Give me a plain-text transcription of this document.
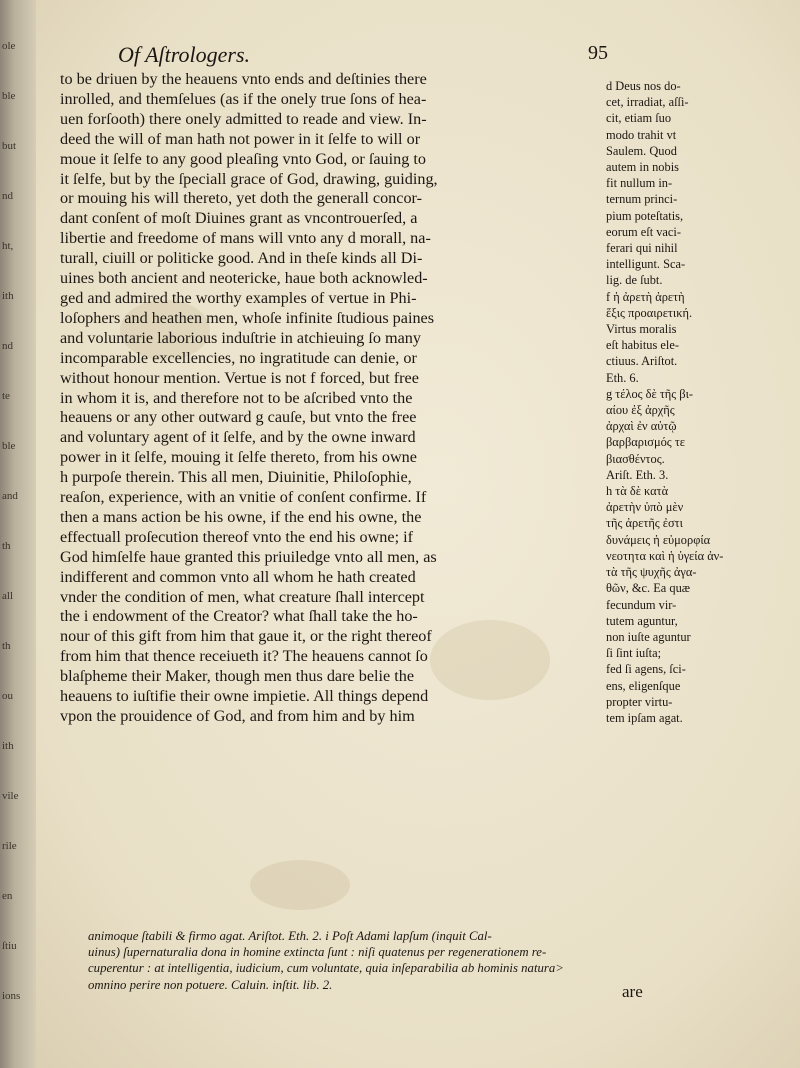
ole
ble
but
nd
ht,
ith
nd
te
ble
and
th
all
th
ou
ith
vile
rile
en
ſtiu
ions
Of Aſtrologers.	95
to be driuen by the heauens vnto ends and deſtinies there
inrolled, and themſelues (as if the onely true ſons of hea-
uen forſooth) there onely admitted to reade and view. In-
deed the will of man hath not power in it ſelfe to will or
moue it ſelfe to any good pleaſing vnto God, or ſauing to
it ſelfe, but by the ſpeciall grace of God, drawing, guiding,
or mouing his will thereto, yet doth the generall concor-
dant conſent of moſt Diuines grant as vncontrouerſed, a
libertie and freedome of mans will vnto any d morall, na-
turall, ciuill or politicke good. And in theſe kinds all Di-
uines both ancient and neotericke, haue both acknowled-
ged and admired the worthy examples of vertue in Phi-
loſophers and heathen men, whoſe infinite ſtudious paines
and voluntarie laborious induſtrie in atchieuing ſo many
incomparable excellencies, no ingratitude can denie, or
without honour mention. Vertue is not f forced, but free
in whom it is, and therefore not to be aſcribed vnto the
heauens or any other outward g cauſe, but vnto the free
and voluntary agent of it ſelfe, and by the owne inward
power in it ſelfe, mouing it ſelfe thereto, from his owne
h purpoſe therein. This all men, Diuinitie, Philoſophie,
reaſon, experience, with an vnitie of conſent confirme. If
then a mans action be his owne, if the end his owne, the
effectuall proſecution thereof vnto the end his owne; if
God himſelfe haue granted this priuiledge vnto all men, as
indifferent and common vnto all whom he hath created
vnder the condition of men, what creature ſhall intercept
the i endowment of the Creator? what ſhall take the ho-
nour of this gift from him that gaue it, or the right thereof
from him that thence receiueth it? The heauens cannot ſo
blaſpheme their Maker, though men thus dare beliе the
heauens to iuſtifie their owne impietie. All things depend
vpon the prouidence of God, and from him and by him
d Deus nos do-
cet, irradiat, aſſi-
cit, etiam ſuo
modo trahit vt
Saulem. Quod
autem in nobis
fit nullum in-
ternum princi-
pium poteſtatis,
eorum eſt vaci-
ferari qui nihil
intelligunt. Sca-
lig. de ſubt.
f ἡ ἀρετὴ ἀρετὴ
ἕξις προαιρετική.
Virtus moralis
eſt habitus ele-
ctiuus. Ariſtot.
Eth. 6.
g τέλος δὲ τῆς βι-
αίου ἐξ ἀρχῆς
ἀρχαὶ ἐν αὐτῷ
βαρβαρισμός τε
βιασθέντος.
Ariſt. Eth. 3.
h τὰ δὲ κατὰ
ἀρετὴν ὑπὸ μὲν
τῆς ἀρετῆς ἐστι
δυνάμεις ἡ εὐμορφία
νεοτητα καὶ ἡ ὑγεία ἀν-
τὰ τῆς ψυχῆς ἀγα-
θῶν, &c. Ea quæ
fecundum vir-
tutem aguntur,
non iuſte aguntur
ſi ſint iuſta;
fed ſi agens, ſci-
ens, eligenſque
propter virtu-
tem ipſam agat.
animoque ſtabili & firmo agat. Ariſtot. Eth. 2. i Poſt Adami lapſum (inquit Cal-
uinus) ſupernaturalia dona in homine extincta ſunt : niſi quatenus per regenerationem re-
cuperentur : at intelligentia, iudicium, cum voluntate, quia inſeparabilia ab hominis natura>
omnino perire non potuere. Caluin. inſtit. lib. 2.	are
